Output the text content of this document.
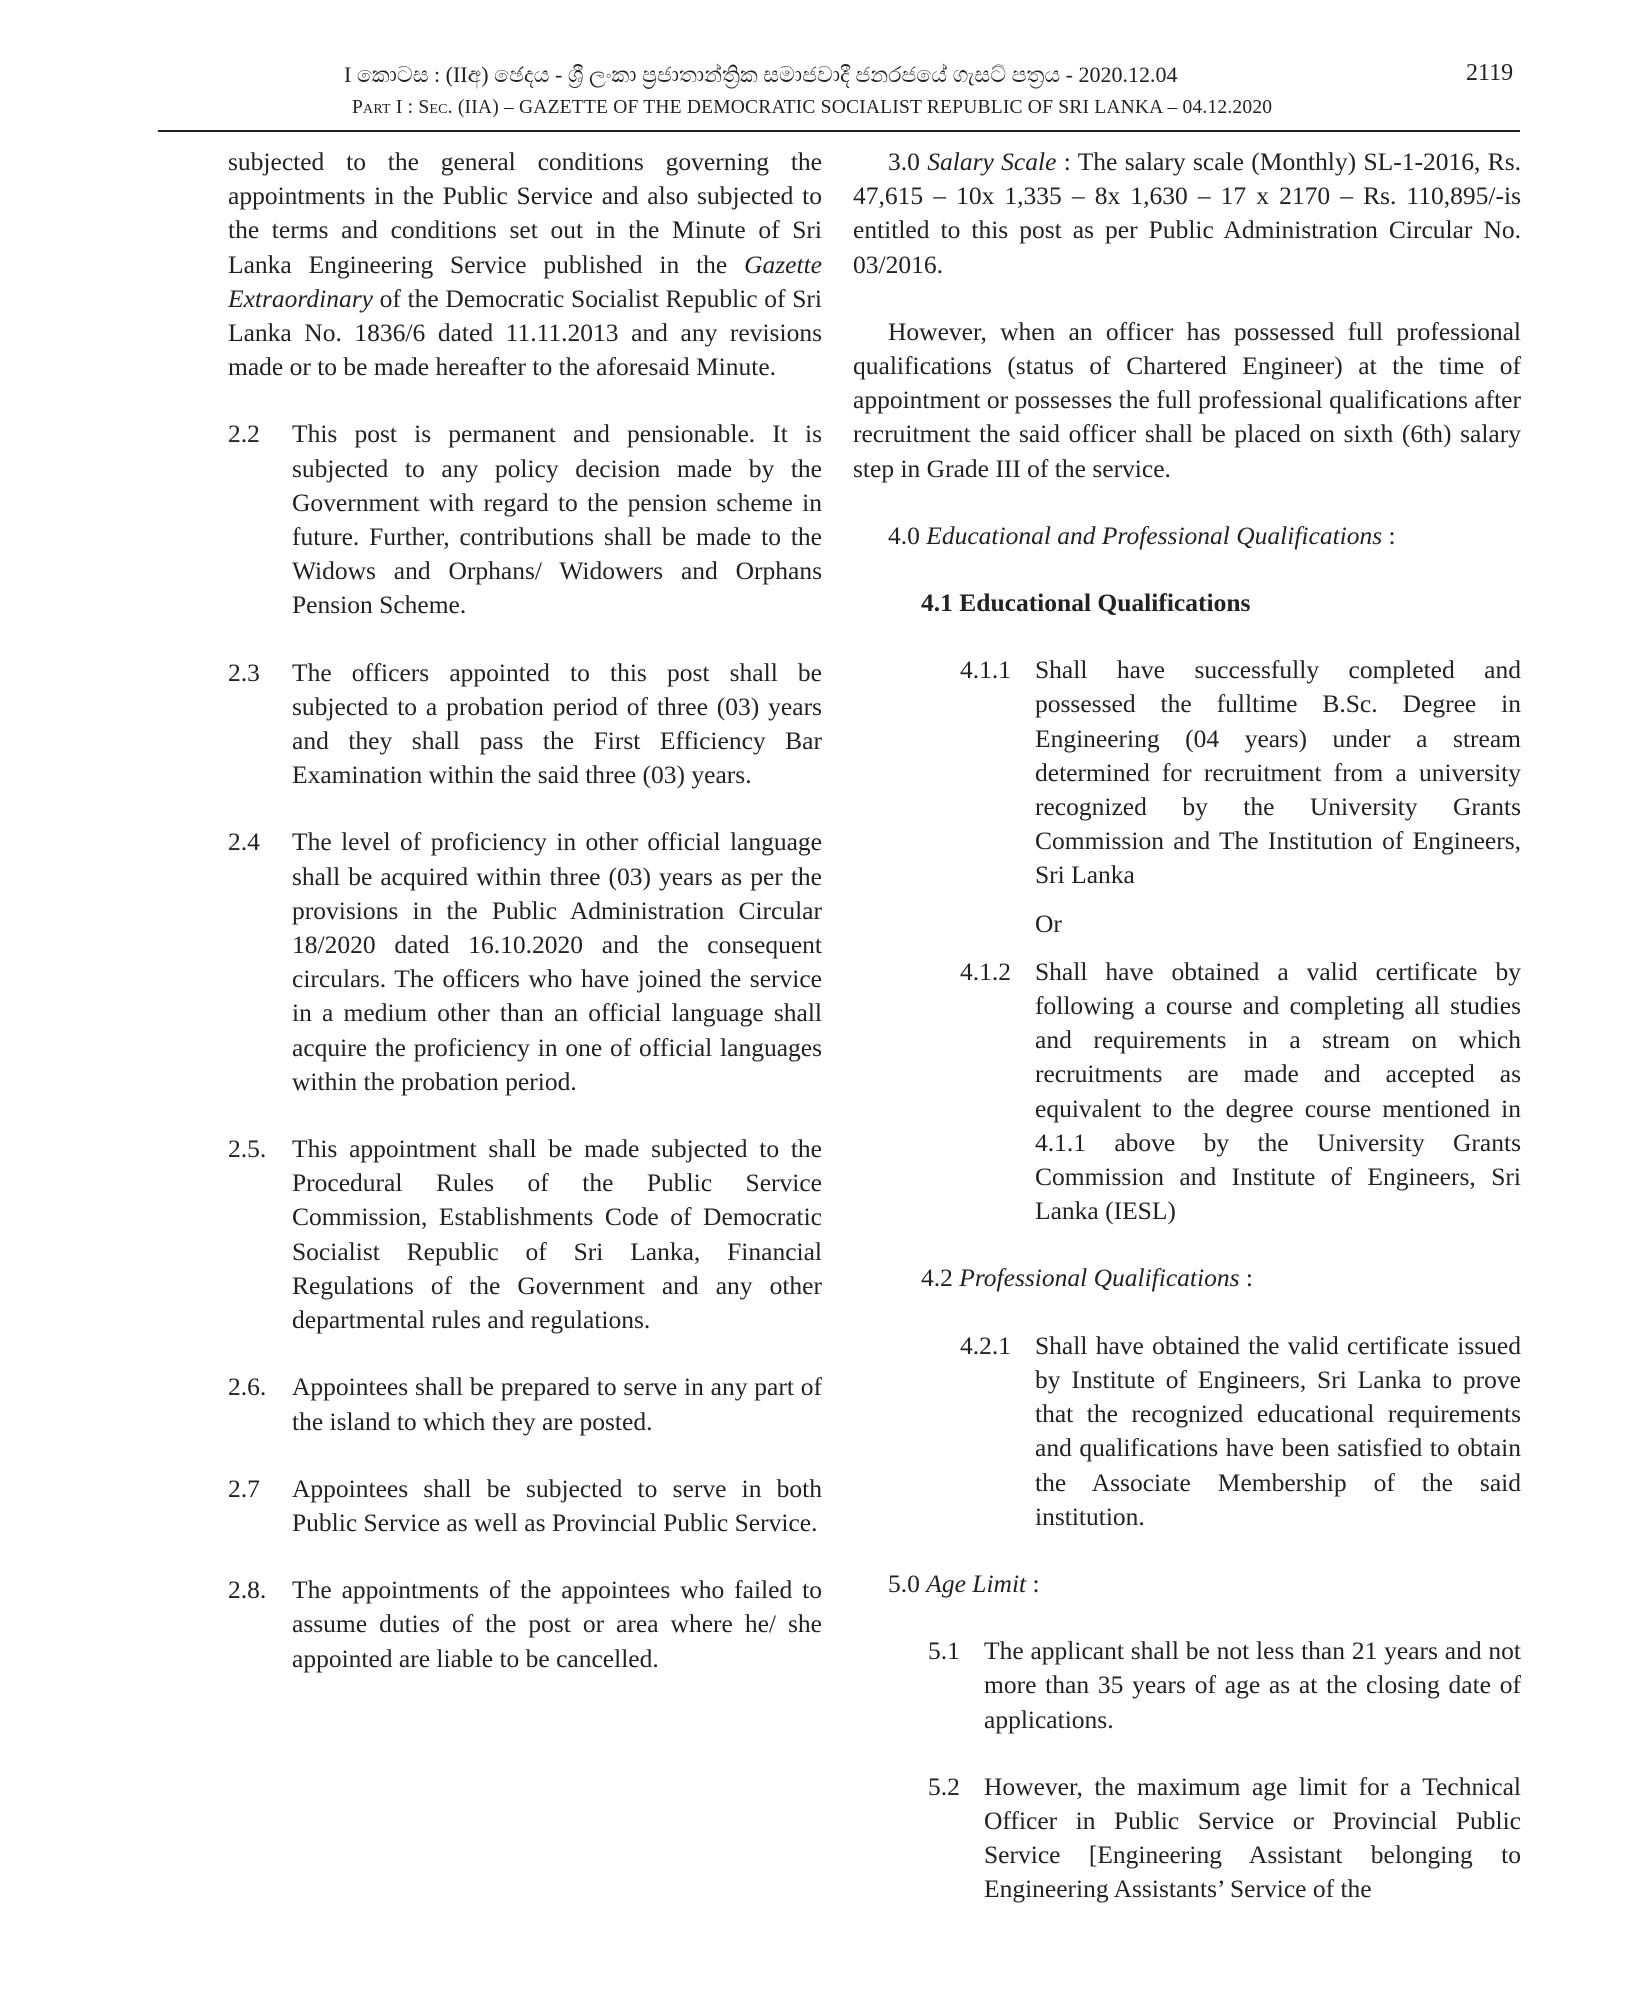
I කොටස : (IIඅ) ඡෙදය - ශ්‍රී ලංකා ප්‍රජාතාන්ත්‍රික සමාජවාදී ජනරජයේ ගැසට් පත්‍රය - 2020.12.04	2119
Part I : Sec. (IIA) – GAZETTE OF THE DEMOCRATIC SOCIALIST REPUBLIC OF SRI LANKA – 04.12.2020

subjected to the general conditions governing the appointments in the Public Service and also subjected to the terms and conditions set out in the Minute of Sri Lanka Engineering Service published in the Gazette Extraordinary of the Democratic Socialist Republic of Sri Lanka No. 1836/6 dated 11.11.2013 and any revisions made or to be made hereafter to the aforesaid Minute.

2.2 This post is permanent and pensionable. It is subjected to any policy decision made by the Government with regard to the pension scheme in future. Further, contributions shall be made to the Widows and Orphans/ Widowers and Orphans Pension Scheme.

2.3 The officers appointed to this post shall be subjected to a probation period of three (03) years and they shall pass the First Efficiency Bar Examination within the said three (03) years.

2.4 The level of proficiency in other official language shall be acquired within three (03) years as per the provisions in the Public Administration Circular 18/2020 dated 16.10.2020 and the consequent circulars. The officers who have joined the service in a medium other than an official language shall acquire the proficiency in one of official languages within the probation period.

2.5. This appointment shall be made subjected to the Procedural Rules of the Public Service Commission, Establishments Code of Democratic Socialist Republic of Sri Lanka, Financial Regulations of the Government and any other departmental rules and regulations.

2.6. Appointees shall be prepared to serve in any part of the island to which they are posted.

2.7 Appointees shall be subjected to serve in both Public Service as well as Provincial Public Service.

2.8. The appointments of the appointees who failed to assume duties of the post or area where he/ she appointed are liable to be cancelled.

3.0 Salary Scale : The salary scale (Monthly) SL-1-2016, Rs. 47,615 – 10x 1,335 – 8x 1,630 – 17 x 2170 – Rs. 110,895/-is entitled to this post as per Public Administration Circular No. 03/2016.

However, when an officer has possessed full professional qualifications (status of Chartered Engineer) at the time of appointment or possesses the full professional qualifications after recruitment the said officer shall be placed on sixth (6th) salary step in Grade III of the service.

4.0 Educational and Professional Qualifications :

4.1 Educational Qualifications

4.1.1 Shall have successfully completed and possessed the fulltime B.Sc. Degree in Engineering (04 years) under a stream determined for recruitment from a university recognized by the University Grants Commission and The Institution of Engineers, Sri Lanka

Or

4.1.2 Shall have obtained a valid certificate by following a course and completing all studies and requirements in a stream on which recruitments are made and accepted as equivalent to the degree course mentioned in 4.1.1 above by the University Grants Commission and Institute of Engineers, Sri Lanka (IESL)

4.2 Professional Qualifications :

4.2.1 Shall have obtained the valid certificate issued by Institute of Engineers, Sri Lanka to prove that the recognized educational requirements and qualifications have been satisfied to obtain the Associate Membership of the said institution.

5.0 Age Limit :

5.1 The applicant shall be not less than 21 years and not more than 35 years of age as at the closing date of applications.

5.2 However, the maximum age limit for a Technical Officer in Public Service or Provincial Public Service [Engineering Assistant belonging to Engineering Assistants’ Service of the
